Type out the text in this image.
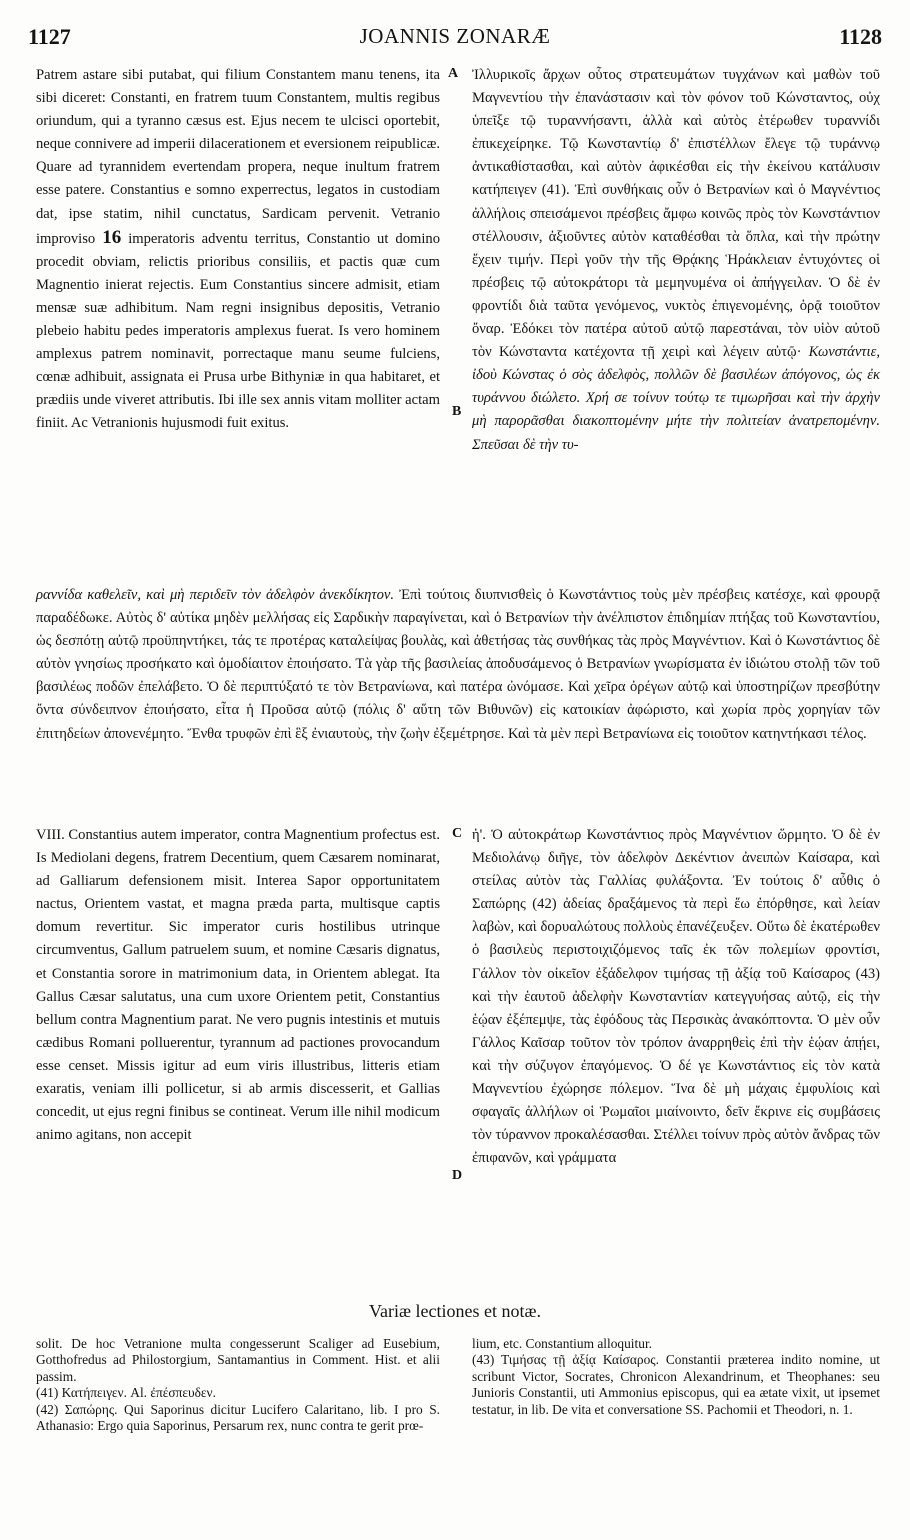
1127	JOANNIS ZONARÆ	1128

Patrem astare sibi putabat, qui filium Constantem manu tenens, ita sibi diceret: Constanti, en fratrem tuum Constantem, multis regibus oriundum, qui a tyranno cæsus est. Ejus necem te ulcisci oportebit, neque connivere ad imperii dilacerationem et eversionem reipublicæ. Quare ad tyrannidem evertendam propera, neque inultum fratrem esse patere. Constantius e somno experrectus, legatos in custodiam dat, ipse statim, nihil cunctatus, Sardicam pervenit. Vetranio improviso 16 imperatoris adventu territus, Constantio ut domino procedit obviam, relictis prioribus consiliis, et pactis quæ cum Magnentio inierat rejectis. Eum Constantius sincere admisit, etiam mensæ suæ adhibitum. Nam regni insignibus depositis, Vetranio plebeio habitu pedes imperatoris amplexus fuerat. Is vero hominem amplexus patrem nominavit, porrectaque manu seume fulciens, cœnæ adhibuit, assignata ei Prusa urbe Bithyniæ in qua habitaret, et prædiis unde viveret attributis. Ibi ille sex annis vitam molliter actam finiit. Ac Vetranionis hujusmodi fuit exitus.

Ἰλλυρικοῖς ἄρχων οὗτος στρατευμάτων τυγχάνων καὶ μαθὼν τοῦ Μαγνεντίου τὴν ἐπανάστασιν καὶ τὸν φόνον τοῦ Κώνσταντος, οὐχ ὑπεῖξε τῷ τυραννήσαντι, ἀλλὰ καὶ αὐτὸς ἑτέρωθεν τυραννίδι ἐπικεχείρηκε. Τῷ Κωνσταντίῳ δ' ἐπιστέλλων ἔλεγε τῷ τυράννῳ ἀντικαθίστασθαι, καὶ αὐτὸν ἀφικέσθαι εἰς τὴν ἐκείνου κατάλυσιν κατήπειγεν (41). Ἐπὶ συνθήκαις οὖν ὁ Βετρανίων καὶ ὁ Μαγνέντιος ἀλλήλοις σπεισάμενοι πρέσβεις ἄμφω κοινῶς πρὸς τὸν Κωνστάντιον στέλλουσιν, ἀξιοῦντες αὐτὸν καταθέσθαι τὰ ὅπλα, καὶ τὴν πρώτην ἔχειν τιμήν. Περὶ γοῦν τὴν τῆς Θρᾴκης Ἡράκλειαν ἐντυχόντες οἱ πρέσβεις τῷ αὐτοκράτορι τὰ μεμηνυμένα οἱ ἀπήγγειλαν. Ὁ δὲ ἐν φροντίδι διὰ ταῦτα γενόμενος, νυκτὸς ἐπιγενομένης, ὁρᾷ τοιοῦτον ὄναρ. Ἐδόκει τὸν πατέρα αὐτοῦ αὐτῷ παρεστάναι, τὸν υἱὸν αὐτοῦ τὸν Κώνσταντα κατέχοντα τῇ χειρὶ καὶ λέγειν αὐτῷ· Κωνστάντιε, ἰδοὺ Κώνστας ὁ σὸς ἀδελφὸς, πολλῶν δὲ βασιλέων ἀπόγονος, ὡς ἐκ τυράννου διώλετο. Χρή σε τοίνυν τούτῳ τε τιμωρῆσαι καὶ τὴν ἀρχὴν μὴ παρορᾶσθαι διακοπτομένην μήτε τὴν πολιτείαν ἀνατρεπομένην. Σπεῦσαι δὲ τὴν τυ-

A
B

ραννίδα καθελεῖν, καὶ μὴ περιδεῖν τὸν ἀδελφὸν ἀνεκδίκητον. Ἐπὶ τούτοις διυπνισθεὶς ὁ Κωνστάντιος τοὺς μὲν πρέσβεις κατέσχε, καὶ φρουρᾷ παραδέδωκε. Αὐτὸς δ' αὐτίκα μηδὲν μελλήσας εἰς Σαρδικὴν παραγίνεται, καὶ ὁ Βετρανίων τὴν ἀνέλπιστον ἐπιδημίαν πτήξας τοῦ Κωνσταντίου, ὡς δεσπότῃ αὐτῷ προϋπηντήκει, τάς τε προτέρας καταλείψας βουλὰς, καὶ ἀθετήσας τὰς συνθήκας τὰς πρὸς Μαγνέντιον. Καὶ ὁ Κωνστάντιος δὲ αὐτὸν γνησίως προσήκατο καὶ ὁμοδίαιτον ἐποιήσατο. Τὰ γὰρ τῆς βασιλείας ἀποδυσάμενος ὁ Βετρανίων γνωρίσματα ἐν ἰδιώτου στολῇ τῶν τοῦ βασιλέως ποδῶν ἐπελάβετο. Ὁ δὲ περιπτύξατό τε τὸν Βετρανίωνα, καὶ πατέρα ὠνόμασε. Καὶ χεῖρα ὀρέγων αὐτῷ καὶ ὑποστηρίζων πρεσβύτην ὄντα σύνδειπνον ἐποιήσατο, εἶτα ἡ Προῦσα αὐτῷ (πόλις δ' αὕτη τῶν Βιθυνῶν) εἰς κατοικίαν ἀφώριστο, καὶ χωρία πρὸς χορηγίαν τῶν ἐπιτηδείων ἀπονενέμητο. Ἔνθα τρυφῶν ἐπὶ ἓξ ἐνιαυτοὺς, τὴν ζωὴν ἐξεμέτρησε. Καὶ τὰ μὲν περὶ Βετρανίωνα εἰς τοιοῦτον κατηντήκασι τέλος.

VIII. Constantius autem imperator, contra Magnentium profectus est. Is Mediolani degens, fratrem Decentium, quem Cæsarem nominarat, ad Galliarum defensionem misit. Interea Sapor opportunitatem nactus, Orientem vastat, et magna præda parta, multisque captis domum revertitur. Sic imperator curis hostilibus utrinque circumventus, Gallum patruelem suum, et nomine Cæsaris dignatus, et Constantia sorore in matrimonium data, in Orientem ablegat. Ita Gallus Cæsar salutatus, una cum uxore Orientem petit, Constantius bellum contra Magnentium parat. Ne vero pugnis intestinis et mutuis cædibus Romani polluerentur, tyrannum ad pactiones provocandum esse censet. Missis igitur ad eum viris illustribus, litteris etiam exaratis, veniam illi pollicetur, si ab armis discesserit, et Gallias concedit, ut ejus regni finibus se contineat. Verum ille nihil modicum animo agitans, non accepit

ἡ'. Ὁ αὐτοκράτωρ Κωνστάντιος πρὸς Μαγνέντιον ὥρμητο. Ὁ δὲ ἐν Μεδιολάνῳ διῆγε, τὸν ἀδελφὸν Δεκέντιον ἀνειπὼν Καίσαρα, καὶ στείλας αὐτὸν τὰς Γαλλίας φυλάξοντα. Ἐν τούτοις δ' αὖθις ὁ Σαπώρης (42) ἀδείας δραξάμενος τὰ περὶ ἕω ἐπόρθησε, καὶ λείαν λαβὼν, καὶ δορυαλώτους πολλοὺς ἐπανέζευξεν. Οὕτω δὲ ἑκατέρωθεν ὁ βασιλεὺς περιστοιχιζόμενος ταῖς ἐκ τῶν πολεμίων φροντίσι, Γάλλον τὸν οἰκεῖον ἐξάδελφον τιμήσας τῇ ἀξίᾳ τοῦ Καίσαρος (43) καὶ τὴν ἑαυτοῦ ἀδελφὴν Κωνσταντίαν κατεγγυήσας αὐτῷ, εἰς τὴν ἑῴαν ἐξέπεμψε, τὰς ἐφόδους τὰς Περσικὰς ἀνακόπτοντα. Ὁ μὲν οὖν Γάλλος Καῖσαρ τοῦτον τὸν τρόπον ἀναρρηθεὶς ἐπὶ τὴν ἑῴαν ἀπῄει, καὶ τὴν σύζυγον ἐπαγόμενος. Ὁ δέ γε Κωνστάντιος εἰς τὸν κατὰ Μαγνεντίου ἐχώρησε πόλεμον. Ἵνα δὲ μὴ μάχαις ἐμφυλίοις καὶ σφαγαῖς ἀλλήλων οἱ Ῥωμαῖοι μιαίνοιντο, δεῖν ἔκρινε εἰς συμβάσεις τὸν τύραννον προκαλέσασθαι. Στέλλει τοίνυν πρὸς αὐτὸν ἄνδρας τῶν ἐπιφανῶν, καὶ γράμματα

C
D
Variæ lectiones et notæ.

solit. De hoc Vetranione multa congesserunt Scaliger ad Eusebium, Gotthofredus ad Philostorgium, Santamantius in Comment. Hist. et alii passim.

(41) Κατήπειγεν. Al. ἐπέσπευδεν.

(42) Σαπώρης. Qui Saporinus dicitur Lucifero Calaritano, lib. I pro S. Athanasio: Ergo quia Saporinus, Persarum rex, nunc contra te gerit prœ-

lium, etc. Constantium alloquitur.

(43) Τιμήσας τῇ ἀξίᾳ Καίσαρος. Constantii præterea indito nomine, ut scribunt Victor, Socrates, Chronicon Alexandrinum, et Theophanes: seu Junioris Constantii, uti Ammonius episcopus, qui ea ætate vixit, ut ipsemet testatur, in lib. De vita et conversatione SS. Pachomii et Theodori, n. 1.
